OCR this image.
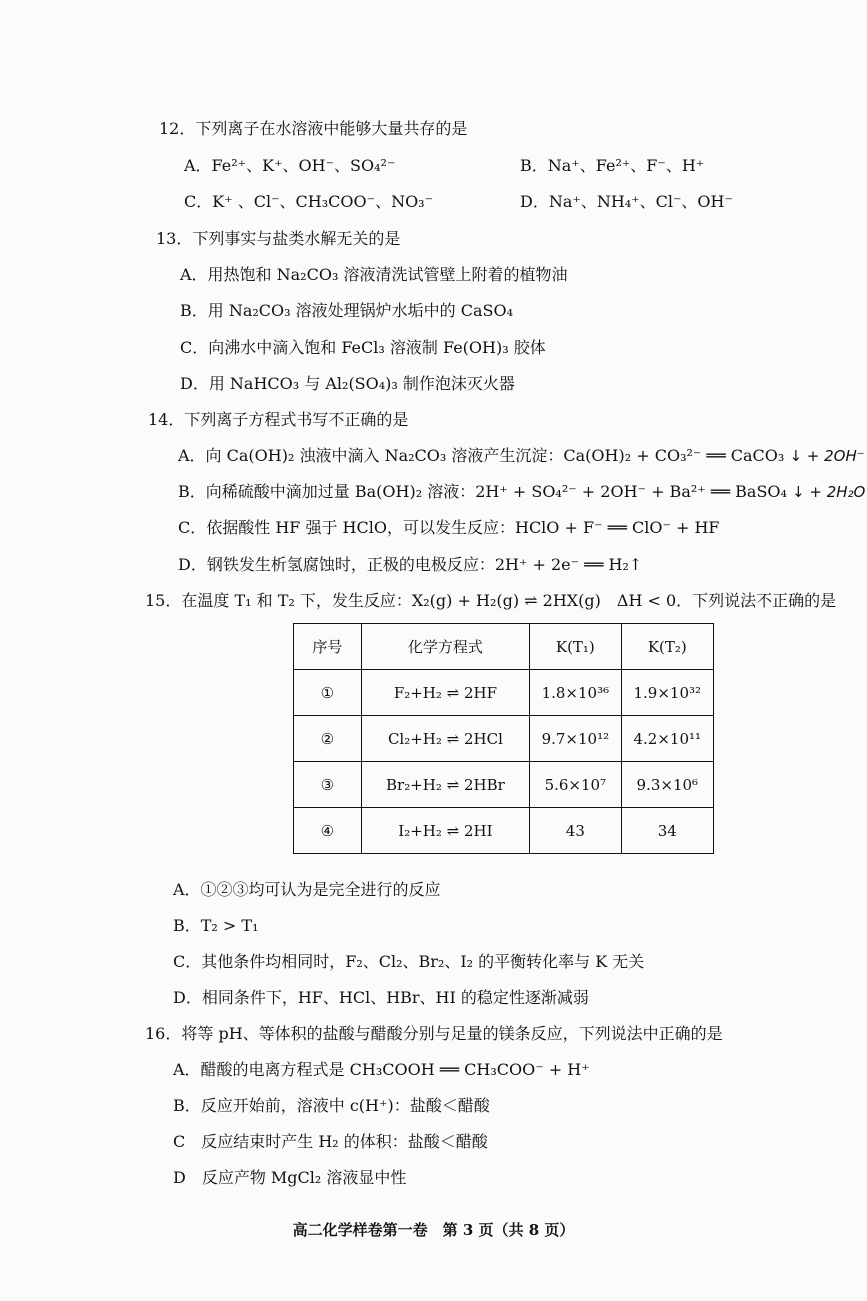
12．下列离子在水溶液中能够大量共存的是
A．Fe²⁺、K⁺、OH⁻、SO₄²⁻	B．Na⁺、Fe²⁺、F⁻、H⁺
C．K⁺ 、Cl⁻、CH₃COO⁻、NO₃⁻	D．Na⁺、NH₄⁺、Cl⁻、OH⁻
13．下列事实与盐类水解无关的是
A．用热饱和 Na₂CO₃ 溶液清洗试管壁上附着的植物油
B．用 Na₂CO₃ 溶液处理锅炉水垢中的 CaSO₄
C．向沸水中滴入饱和 FeCl₃ 溶液制 Fe(OH)₃ 胶体
D．用 NaHCO₃ 与 Al₂(SO₄)₃ 制作泡沫灭火器
14．下列离子方程式书写不正确的是
A．向 Ca(OH)₂ 浊液中滴入 Na₂CO₃ 溶液产生沉淀：Ca(OH)₂ + CO₃²⁻ ══ CaCO₃ ↓ + 2OH⁻
B．向稀硫酸中滴加过量 Ba(OH)₂ 溶液：2H⁺ + SO₄²⁻ + 2OH⁻ + Ba²⁺ ══ BaSO₄ ↓ + 2H₂O
C．依据酸性 HF 强于 HClO，可以发生反应：HClO + F⁻ ══ ClO⁻ + HF
D．钢铁发生析氢腐蚀时，正极的电极反应：2H⁺ + 2e⁻ ══ H₂↑
15．在温度 T₁ 和 T₂ 下，发生反应：X₂(g) + H₂(g) ⇌ 2HX(g)　ΔH < 0．下列说法不正确的是
序号	化学方程式	K(T₁)	K(T₂)
①	F₂+H₂ ⇌ 2HF	1.8×10³⁶	1.9×10³²
②	Cl₂+H₂ ⇌ 2HCl	9.7×10¹²	4.2×10¹¹
③	Br₂+H₂ ⇌ 2HBr	5.6×10⁷	9.3×10⁶
④	I₂+H₂ ⇌ 2HI	43	34
A．①②③均可认为是完全进行的反应
B．T₂ > T₁
C．其他条件均相同时，F₂、Cl₂、Br₂、I₂ 的平衡转化率与 K 无关
D．相同条件下，HF、HCl、HBr、HI 的稳定性逐渐减弱
16．将等 pH、等体积的盐酸与醋酸分别与足量的镁条反应，下列说法中正确的是
A．醋酸的电离方程式是 CH₃COOH ══ CH₃COO⁻ + H⁺
B．反应开始前，溶液中 c(H⁺)：盐酸＜醋酸
C　反应结束时产生 H₂ 的体积：盐酸＜醋酸
D　反应产物 MgCl₂ 溶液显中性
高二化学样卷第一卷　第 3 页（共 8 页）
